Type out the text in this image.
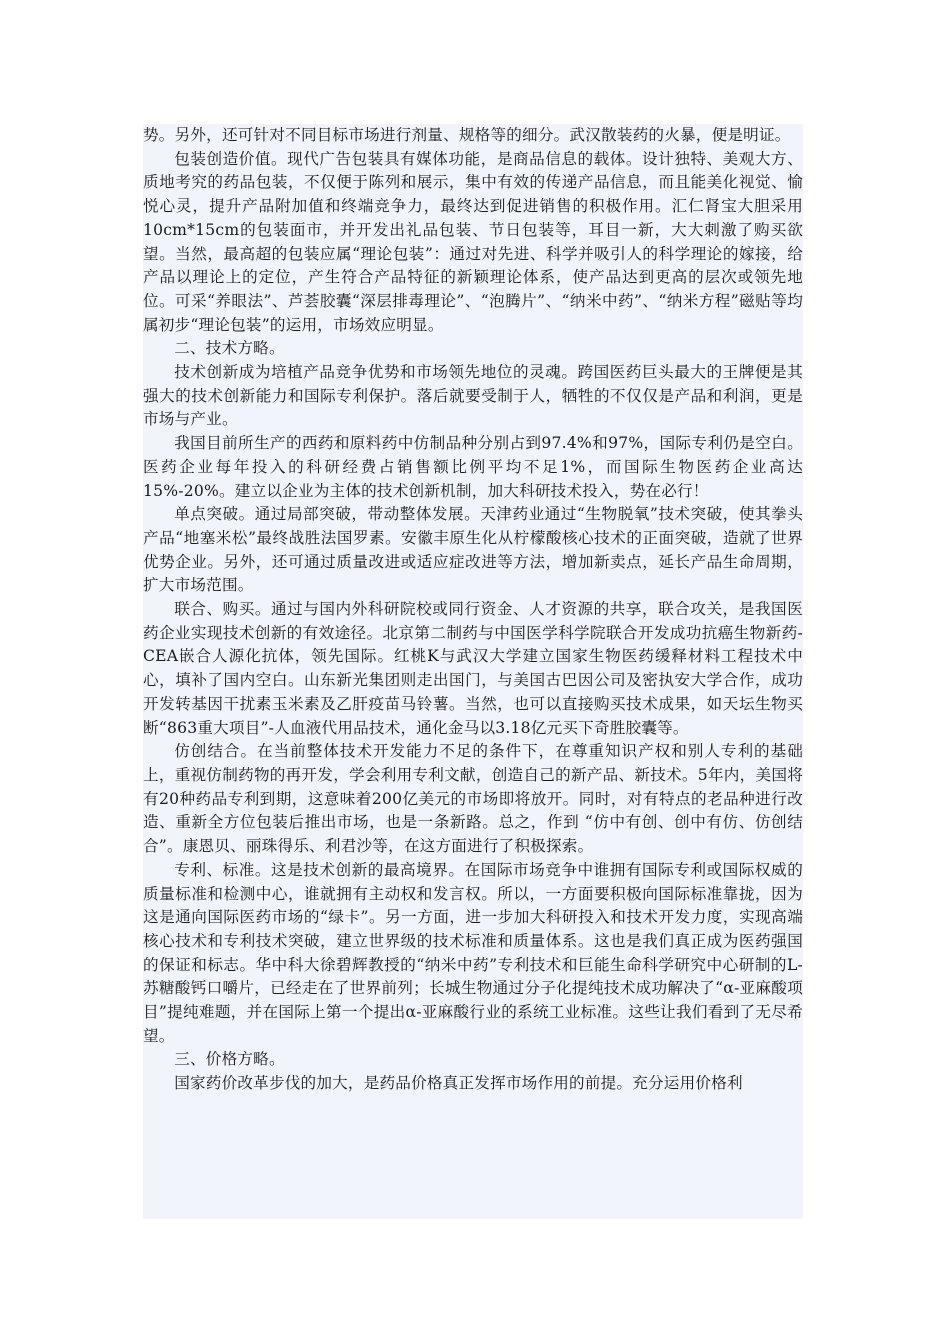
势。另外，还可针对不同目标市场进行剂量、规格等的细分。武汉散装药的火暴，便是明证。

包装创造价值。现代广告包装具有媒体功能，是商品信息的载体。设计独特、美观大方、质地考究的药品包装，不仅便于陈列和展示，集中有效的传递产品信息，而且能美化视觉、愉悦心灵，提升产品附加值和终端竞争力，最终达到促进销售的积极作用。汇仁肾宝大胆采用10cm*15cm的包装面市，并开发出礼品包装、节日包装等，耳目一新，大大刺激了购买欲望。当然，最高超的包装应属“理论包装”：通过对先进、科学并吸引人的科学理论的嫁接，给产品以理论上的定位，产生符合产品特征的新颖理论体系，使产品达到更高的层次或领先地位。可采“养眼法”、芦荟胶囊“深层排毒理论”、“泡腾片”、“纳米中药”、“纳米方程”磁贴等均属初步“理论包装”的运用，市场效应明显。

二、技术方略。

技术创新成为培植产品竞争优势和市场领先地位的灵魂。跨国医药巨头最大的王牌便是其强大的技术创新能力和国际专利保护。落后就要受制于人，牺牲的不仅仅是产品和利润，更是市场与产业。

我国目前所生产的西药和原料药中仿制品种分别占到97.4%和97%，国际专利仍是空白。医药企业每年投入的科研经费占销售额比例平均不足1%，而国际生物医药企业高达15%-20%。建立以企业为主体的技术创新机制，加大科研技术投入，势在必行！

单点突破。通过局部突破，带动整体发展。天津药业通过“生物脱氧”技术突破，使其拳头产品“地塞米松”最终战胜法国罗素。安徽丰原生化从柠檬酸核心技术的正面突破，造就了世界优势企业。另外，还可通过质量改进或适应症改进等方法，增加新卖点，延长产品生命周期，扩大市场范围。

联合、购买。通过与国内外科研院校或同行资金、人才资源的共享，联合攻关，是我国医药企业实现技术创新的有效途径。北京第二制药与中国医学科学院联合开发成功抗癌生物新药-CEA嵌合人源化抗体，领先国际。红桃K与武汉大学建立国家生物医药缓释材料工程技术中心，填补了国内空白。山东新光集团则走出国门，与美国古巴因公司及密执安大学合作，成功开发转基因干扰素玉米素及乙肝疫苗马铃薯。当然，也可以直接购买技术成果，如天坛生物买断“863重大项目”-人血液代用品技术，通化金马以3.18亿元买下奇胜胶囊等。

仿创结合。在当前整体技术开发能力不足的条件下，在尊重知识产权和别人专利的基础上，重视仿制药物的再开发，学会利用专利文献，创造自己的新产品、新技术。5年内，美国将有20种药品专利到期，这意味着200亿美元的市场即将放开。同时，对有特点的老品种进行改造、重新全方位包装后推出市场，也是一条新路。总之，作到 “仿中有创、创中有仿、仿创结合”。康恩贝、丽珠得乐、利君沙等，在这方面进行了积极探索。

专利、标准。这是技术创新的最高境界。在国际市场竞争中谁拥有国际专利或国际权威的质量标准和检测中心，谁就拥有主动权和发言权。所以，一方面要积极向国际标准靠拢，因为这是通向国际医药市场的“绿卡”。另一方面，进一步加大科研投入和技术开发力度，实现高端核心技术和专利技术突破，建立世界级的技术标准和质量体系。这也是我们真正成为医药强国的保证和标志。华中科大徐碧辉教授的“纳米中药”专利技术和巨能生命科学研究中心研制的L-苏糖酸钙口嚼片，已经走在了世界前列；长城生物通过分子化提纯技术成功解决了“α-亚麻酸项目”提纯难题，并在国际上第一个提出α-亚麻酸行业的系统工业标准。这些让我们看到了无尽希望。

三、价格方略。

国家药价改革步伐的加大，是药品价格真正发挥市场作用的前提。充分运用价格利
